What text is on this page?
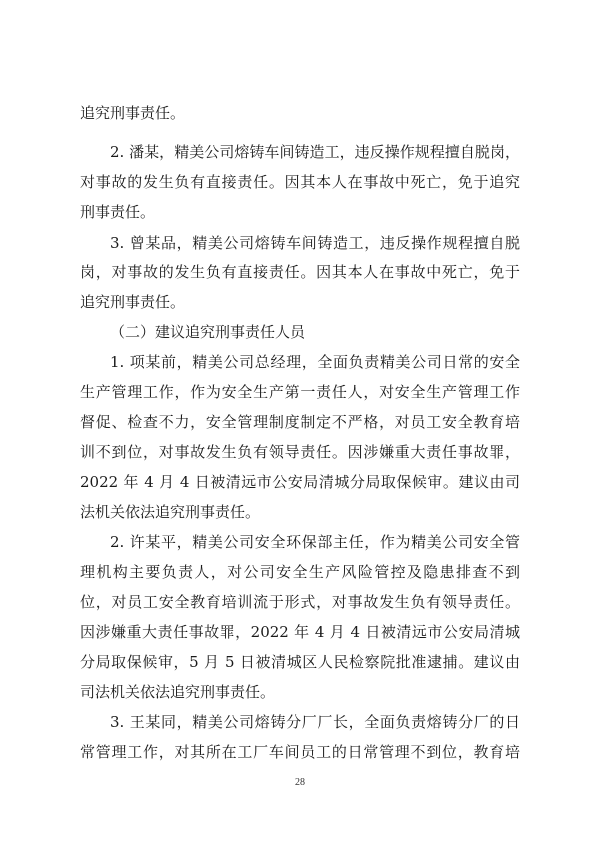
追究刑事责任。
2. 潘某，精美公司熔铸车间铸造工，违反操作规程擅自脱岗，
对事故的发生负有直接责任。因其本人在事故中死亡，免于追究
刑事责任。
3. 曾某品，精美公司熔铸车间铸造工，违反操作规程擅自脱
岗，对事故的发生负有直接责任。因其本人在事故中死亡，免于
追究刑事责任。
（二）建议追究刑事责任人员
1. 项某前，精美公司总经理，全面负责精美公司日常的安全
生产管理工作，作为安全生产第一责任人，对安全生产管理工作
督促、检查不力，安全管理制度制定不严格，对员工安全教育培
训不到位，对事故发生负有领导责任。因涉嫌重大责任事故罪，
2022 年 4 月 4 日被清远市公安局清城分局取保候审。建议由司
法机关依法追究刑事责任。
2. 许某平，精美公司安全环保部主任，作为精美公司安全管
理机构主要负责人，对公司安全生产风险管控及隐患排查不到
位，对员工安全教育培训流于形式，对事故发生负有领导责任。
因涉嫌重大责任事故罪，2022 年 4 月 4 日被清远市公安局清城
分局取保候审，5 月 5 日被清城区人民检察院批准逮捕。建议由
司法机关依法追究刑事责任。
3. 王某同，精美公司熔铸分厂厂长，全面负责熔铸分厂的日
常管理工作，对其所在工厂车间员工的日常管理不到位，教育培
28
